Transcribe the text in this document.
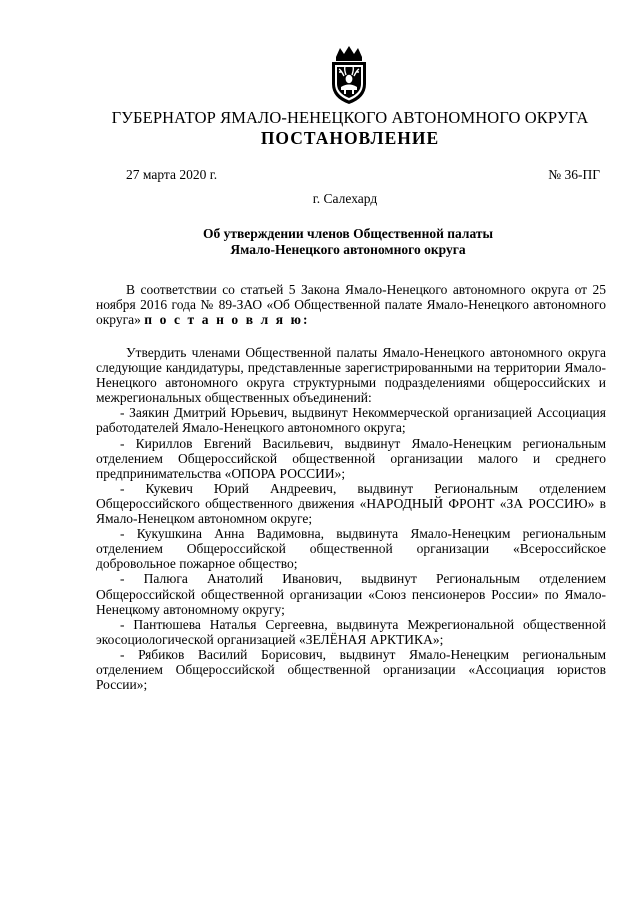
ГУБЕРНАТОР ЯМАЛО-НЕНЕЦКОГО АВТОНОМНОГО ОКРУГА
ПОСТАНОВЛЕНИЕ
27 марта 2020 г.	№ 36-ПГ
г. Салехард
Об утверждении членов Общественной палаты
Ямало-Ненецкого автономного округа

В соответствии со статьей 5 Закона Ямало-Ненецкого автономного округа от 25 ноября 2016 года № 89-ЗАО «Об Общественной палате Ямало-Ненецкого автономного округа» п о с т а н о в л я ю:

Утвердить членами Общественной палаты Ямало-Ненецкого автономного округа следующие кандидатуры, представленные зарегистрированными на территории Ямало-Ненецкого автономного округа структурными подразделениями общероссийских и межрегиональных общественных объединений:

- Заякин Дмитрий Юрьевич, выдвинут Некоммерческой организацией Ассоциация работодателей Ямало-Ненецкого автономного округа;

- Кириллов Евгений Васильевич, выдвинут Ямало-Ненецким региональным отделением Общероссийской общественной организации малого и среднего предпринимательства «ОПОРА РОССИИ»;

- Кукевич Юрий Андреевич, выдвинут Региональным отделением Общероссийского общественного движения «НАРОДНЫЙ ФРОНТ «ЗА РОССИЮ» в Ямало-Ненецком автономном округе;

- Кукушкина Анна Вадимовна, выдвинута Ямало-Ненецким региональным отделением Общероссийской общественной организации «Всероссийское добровольное пожарное общество;

- Палюга Анатолий Иванович, выдвинут Региональным отделением Общероссийской общественной организации «Союз пенсионеров России» по Ямало-Ненецкому автономному округу;

- Пантюшева Наталья Сергеевна, выдвинута Межрегиональной общественной экосоциологической организацией «ЗЕЛЁНАЯ АРКТИКА»;

- Рябиков Василий Борисович, выдвинут Ямало-Ненецким региональным отделением Общероссийской общественной организации «Ассоциация юристов России»;
